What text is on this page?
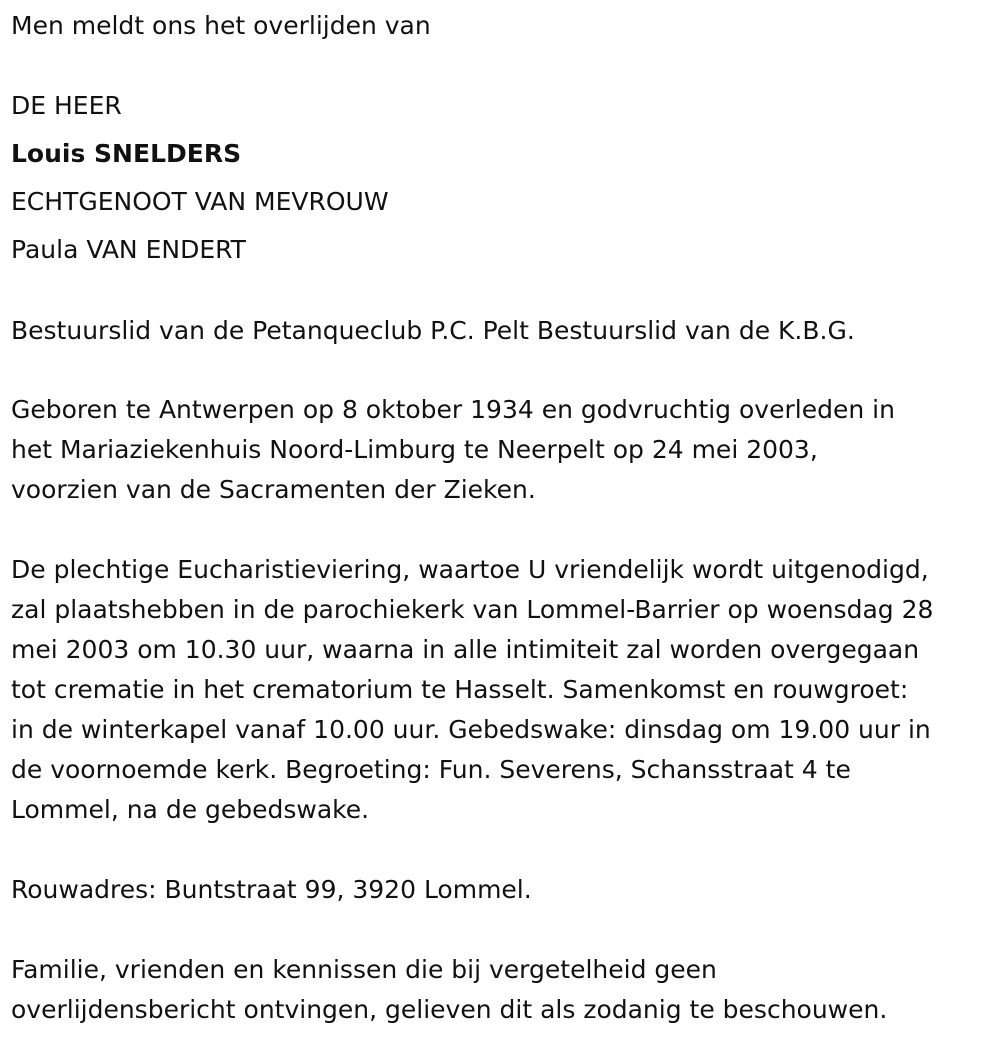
Men meldt ons het overlijden van
DE HEER
Louis SNELDERS
ECHTGENOOT VAN MEVROUW
Paula VAN ENDERT
Bestuurslid van de Petanqueclub P.C. Pelt Bestuurslid van de K.B.G.
Geboren te Antwerpen op 8 oktober 1934 en godvruchtig overleden in
het Mariaziekenhuis Noord-Limburg te Neerpelt op 24 mei 2003,
voorzien van de Sacramenten der Zieken.
De plechtige Eucharistieviering, waartoe U vriendelijk wordt uitgenodigd,
zal plaatshebben in de parochiekerk van Lommel-Barrier op woensdag 28
mei 2003 om 10.30 uur, waarna in alle intimiteit zal worden overgegaan
tot crematie in het crematorium te Hasselt. Samenkomst en rouwgroet:
in de winterkapel vanaf 10.00 uur. Gebedswake: dinsdag om 19.00 uur in
de voornoemde kerk. Begroeting: Fun. Severens, Schansstraat 4 te
Lommel, na de gebedswake.
Rouwadres: Buntstraat 99, 3920 Lommel.
Familie, vrienden en kennissen die bij vergetelheid geen
overlijdensbericht ontvingen, gelieven dit als zodanig te beschouwen.
